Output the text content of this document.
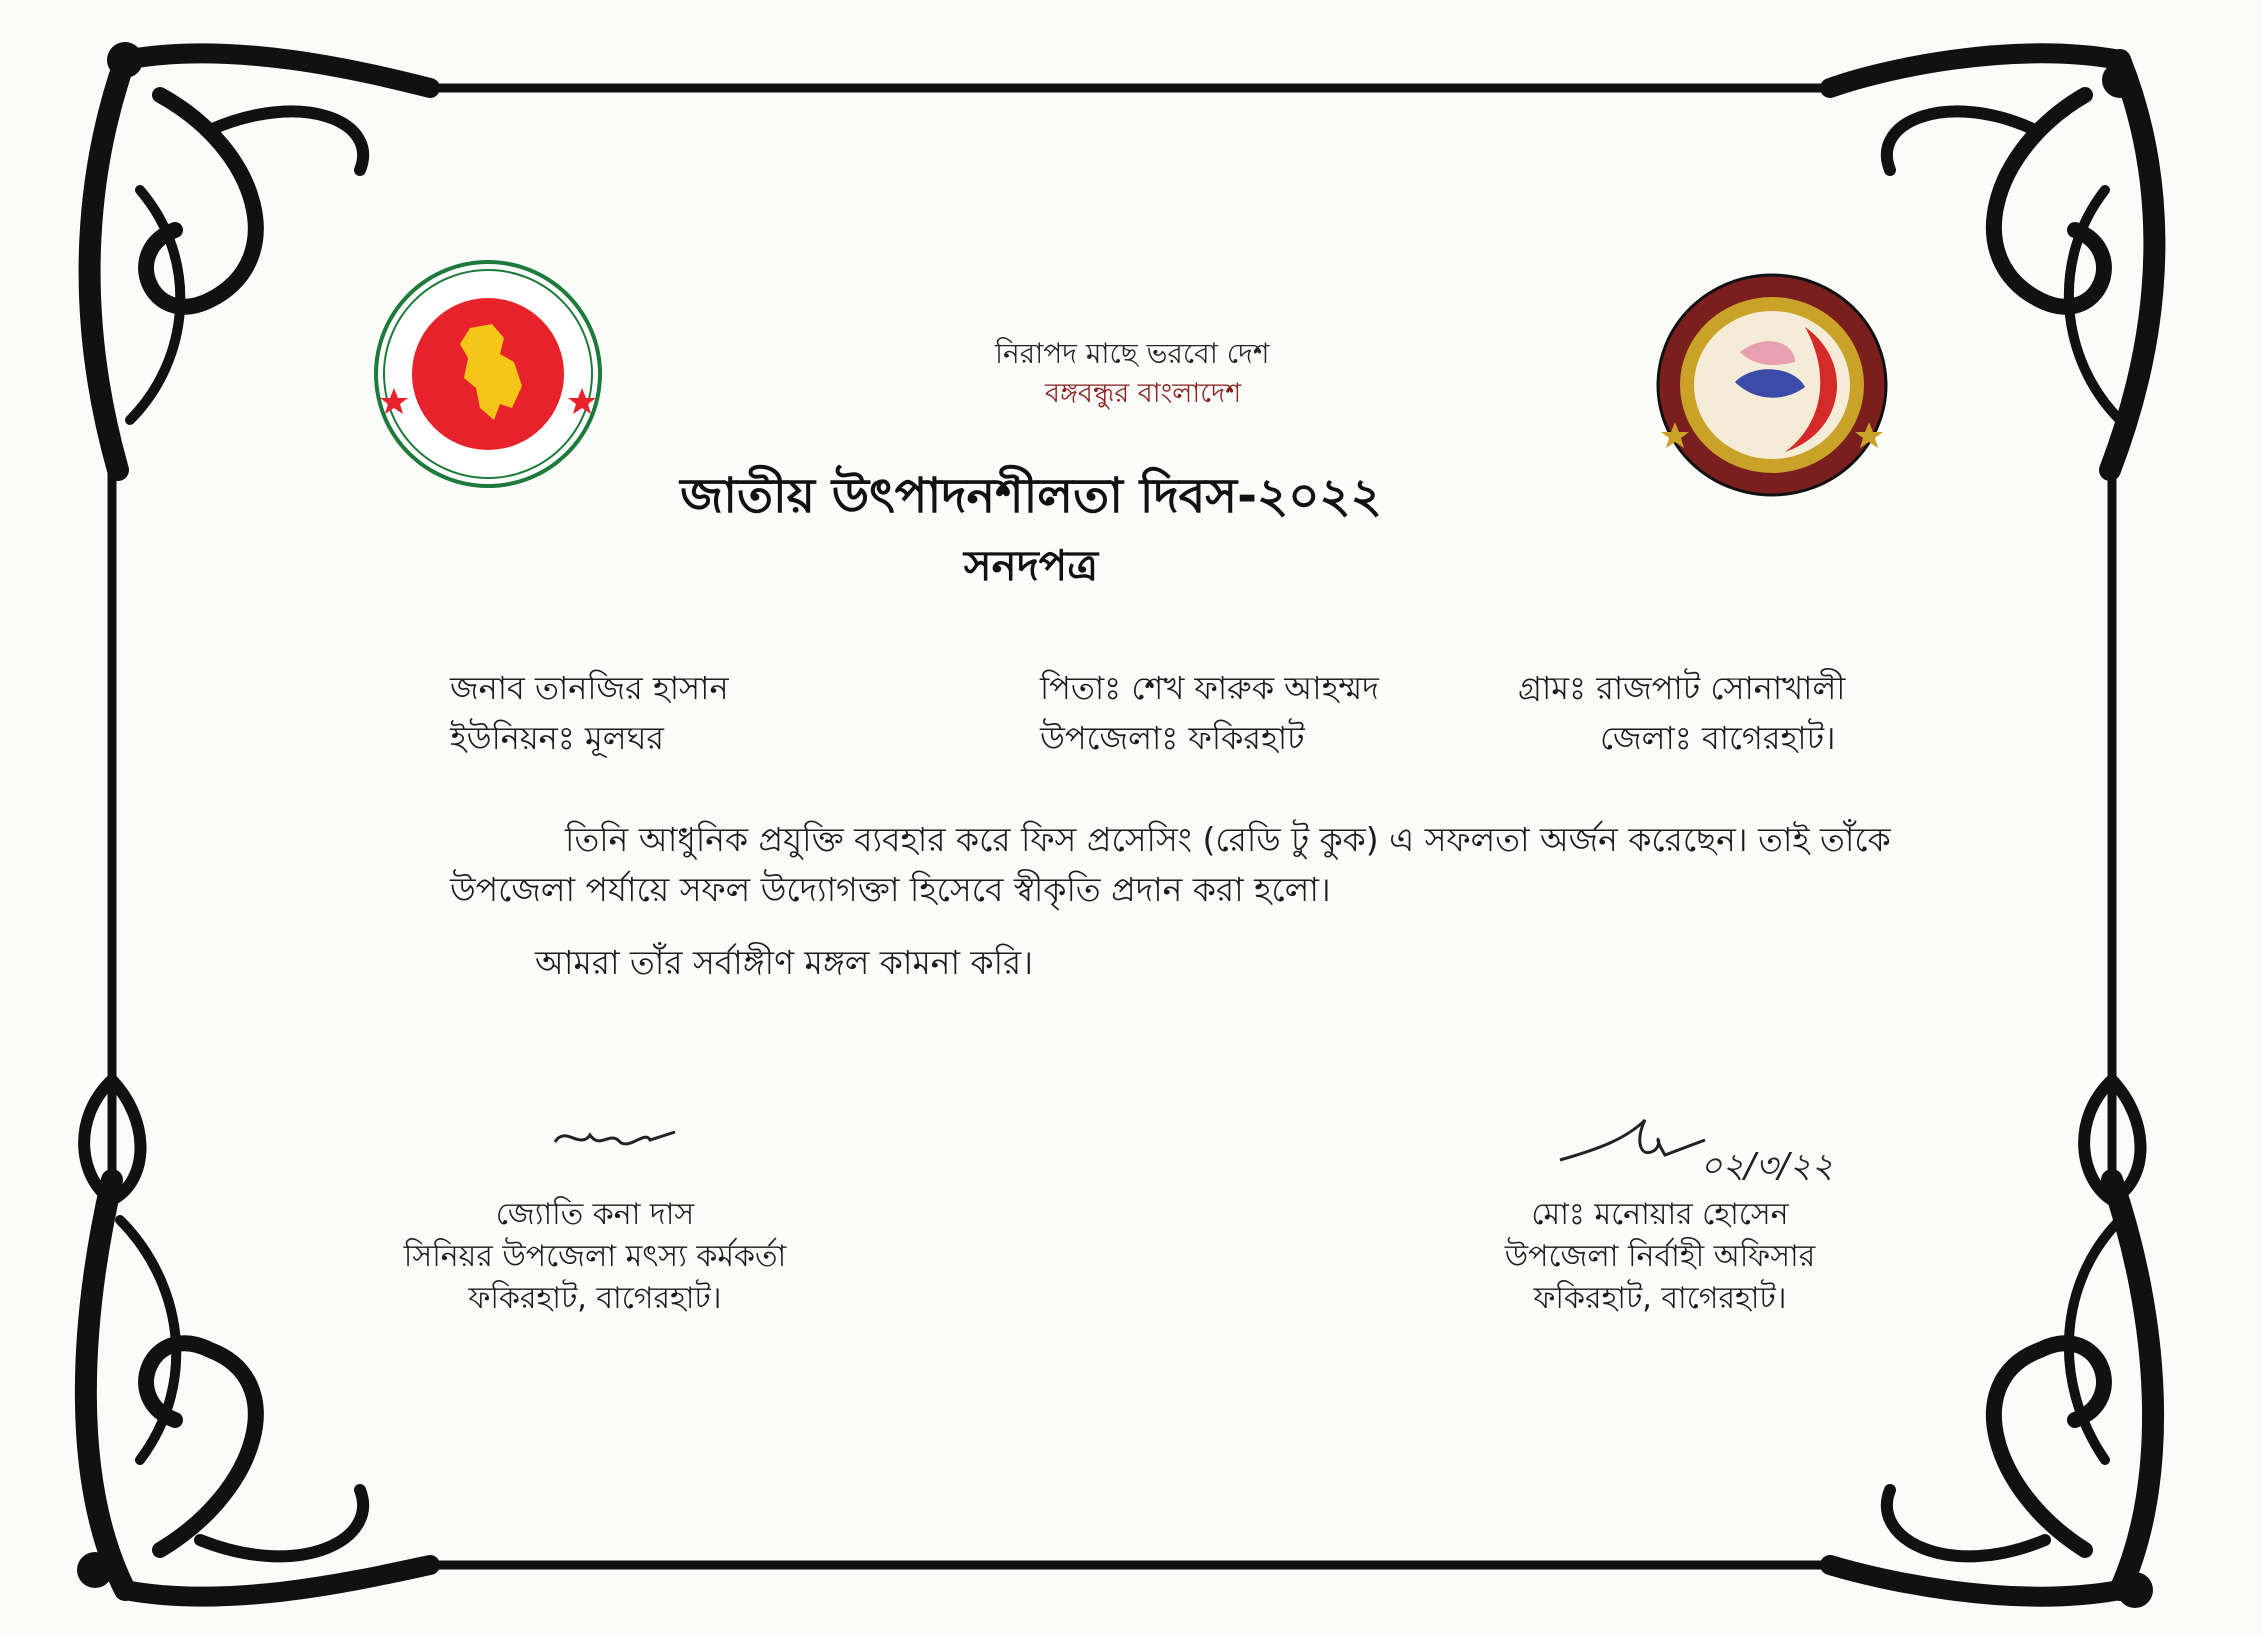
নিরাপদ মাছে ভরবো দেশ
বঙ্গবন্ধুর বাংলাদেশ
জাতীয় উৎপাদনশীলতা দিবস-২০২২
সনদপত্র
জনাব তানজির হাসান	পিতাঃ শেখ ফারুক আহম্মদ	গ্রামঃ রাজপাট সোনাখালী
ইউনিয়নঃ মূলঘর	উপজেলাঃ ফকিরহাট	জেলাঃ বাগেরহাট।
তিনি আধুনিক প্রযুক্তি ব্যবহার করে ফিস প্রসেসিং (রেডি টু কুক) এ সফলতা অর্জন করেছেন। তাই তাঁকে
উপজেলা পর্যায়ে সফল উদ্যোগক্তা হিসেবে স্বীকৃতি প্রদান করা হলো।
আমরা তাঁর সর্বাঙ্গীণ মঙ্গল কামনা করি।
০২/৩/২২
জ্যোতি কনা দাস
সিনিয়র উপজেলা মৎস্য কর্মকর্তা
ফকিরহাট, বাগেরহাট।
মোঃ মনোয়ার হোসেন
উপজেলা নির্বাহী অফিসার
ফকিরহাট, বাগেরহাট।
